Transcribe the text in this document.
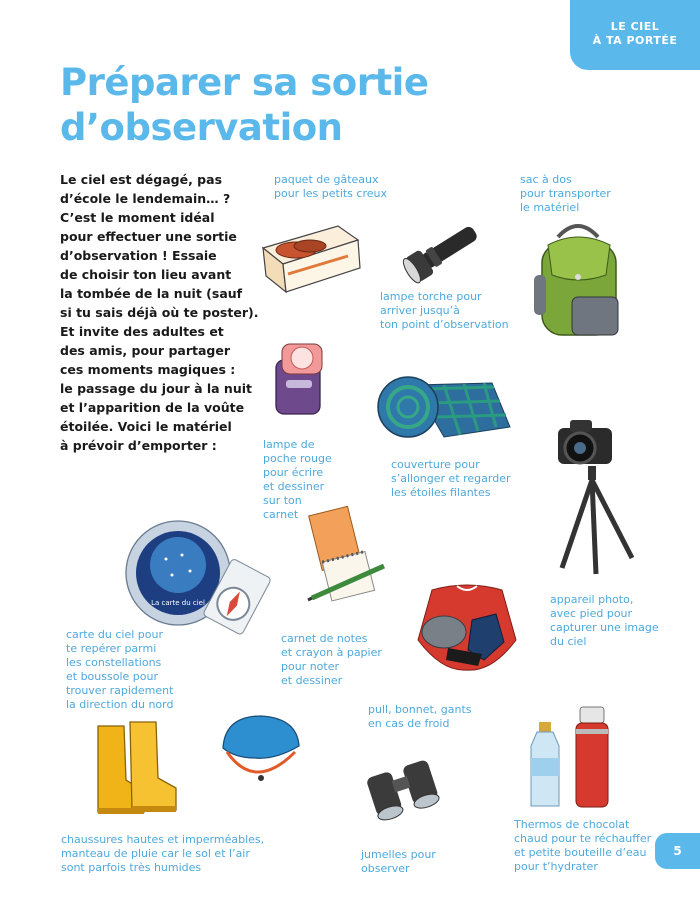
LE CIEL
À TA PORTÉE
Préparer sa sortie
d’observation
Le ciel est dégagé, pas
d’école le lendemain… ?
C’est le moment idéal
pour effectuer une sortie
d’observation ! Essaie
de choisir ton lieu avant
la tombée de la nuit (sauf
si tu sais déjà où te poster).
Et invite des adultes et
des amis, pour partager
ces moments magiques :
le passage du jour à la nuit
et l’apparition de la voûte
étoilée. Voici le matériel
à prévoir d’emporter :
La carte du ciel
paquet de gâteaux
pour les petits creux
sac à dos
pour transporter
le matériel
lampe torche pour
arriver jusqu’à
ton point d’observation
lampe de
poche rouge
pour écrire
et dessiner
sur ton
carnet
couverture pour
s’allonger et regarder
les étoiles filantes
appareil photo,
avec pied pour
capturer une image
du ciel
carte du ciel pour
te repérer parmi
les constellations
et boussole pour
trouver rapidement
la direction du nord
carnet de notes
et crayon à papier
pour noter
et dessiner
pull, bonnet, gants
en cas de froid
chaussures hautes et imperméables,
manteau de pluie car le sol et l’air
sont parfois très humides
jumelles pour
observer
Thermos de chocolat
chaud pour te réchauffer
et petite bouteille d’eau
pour t’hydrater
5
